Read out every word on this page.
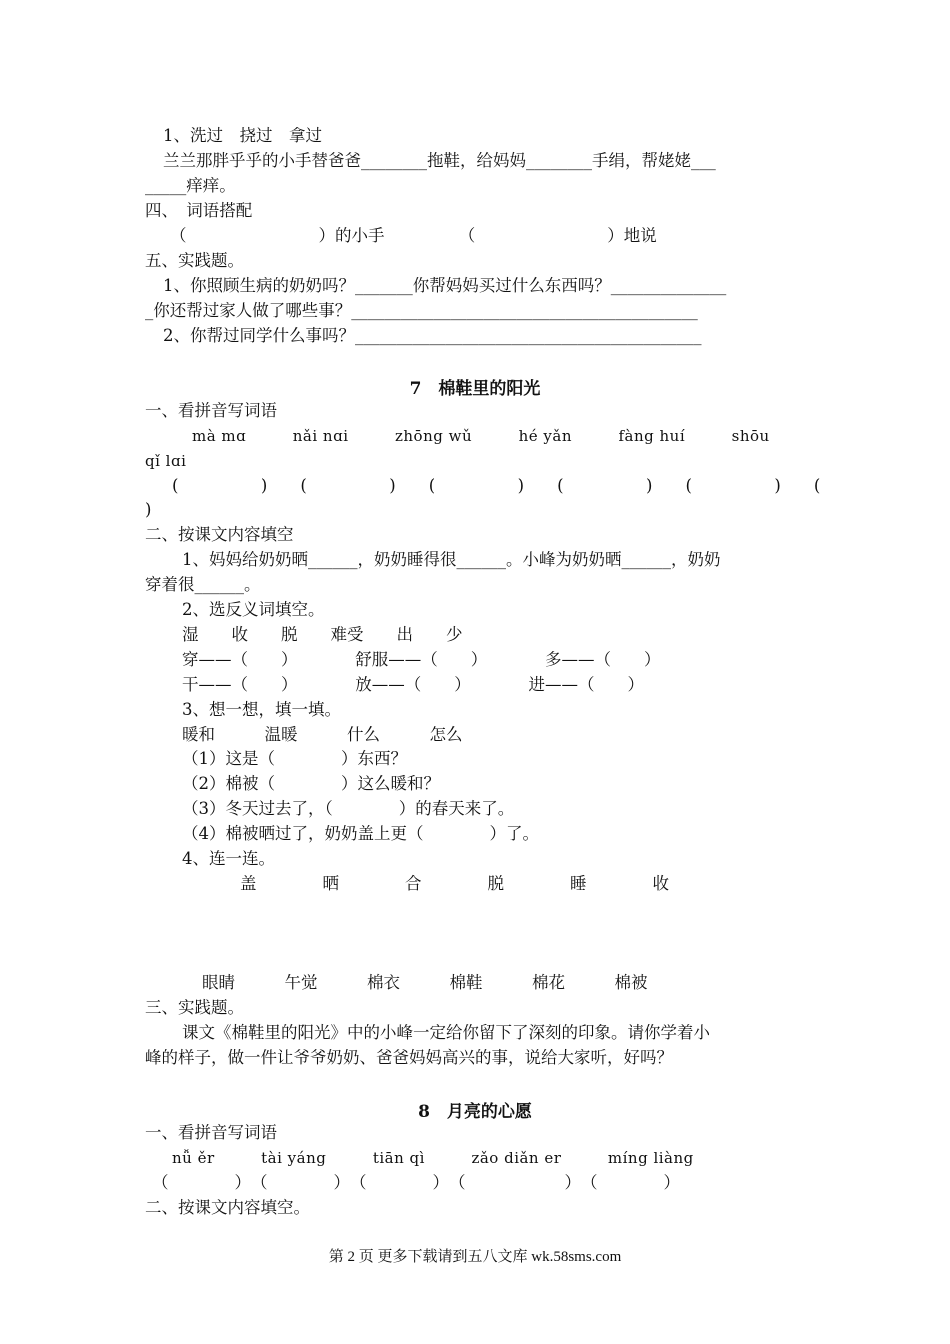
1、洗过　挠过　拿过
兰兰那胖乎乎的小手替爸爸________拖鞋，给妈妈________手绢，帮姥姥___
_____痒痒。
四、　词语搭配
（　　　　　　　　）的小手　　　　　（　　　　　　　　）地说
五、实践题。
1、你照顾生病的奶奶吗？_______你帮妈妈买过什么东西吗？______________
_你还帮过家人做了哪些事？__________________________________________
2、你帮过同学什么事吗？__________________________________________
7　棉鞋里的阳光
一、看拼音写词语
mà mɑ　　　nǎi nɑi　　　zhōng wǔ　　　hé yǎn　　　fàng huí　　　shōu
qǐ lɑi
(　　　　　)　　(　　　　　)　　(　　　　　)　　(　　　　　)　　(　　　　　)　　(
)
二、按课文内容填空
1、妈妈给奶奶晒______，奶奶睡得很______。小峰为奶奶晒______，奶奶
穿着很______。
2、选反义词填空。
湿　　收　　脱　　难受　　出　　少
穿——（　　）　　　　舒服——（　　）　　　　多——（　　）
干——（　　）　　　　放——（　　）　　　　进——（　　）
3、想一想，填一填。
暖和　　　温暖　　　什么　　　怎么
（1）这是（　　　　）东西？
（2）棉被（　　　　）这么暖和？
（3）冬天过去了，（　　　　）的春天来了。
（4）棉被晒过了，奶奶盖上更（　　　　）了。
4、连一连。
盖　　　　晒　　　　合　　　　脱　　　　睡　　　　收
眼睛　　　午觉　　　棉衣　　　棉鞋　　　棉花　　　棉被
三、实践题。
课文《棉鞋里的阳光》中的小峰一定给你留下了深刻的印象。请你学着小
峰的样子，做一件让爷爷奶奶、爸爸妈妈高兴的事，说给大家听，好吗？
8　月亮的心愿
一、看拼音写词语
nǚ ěr　　　tài yáng　　　tiān qì　　　zǎo diǎn er　　　míng liàng
（　　　　）　（　　　　）　（　　　　）　（　　　　　　）　（　　　　）
二、按课文内容填空。
第 2 页 更多下载请到五八文库 wk.58sms.com
